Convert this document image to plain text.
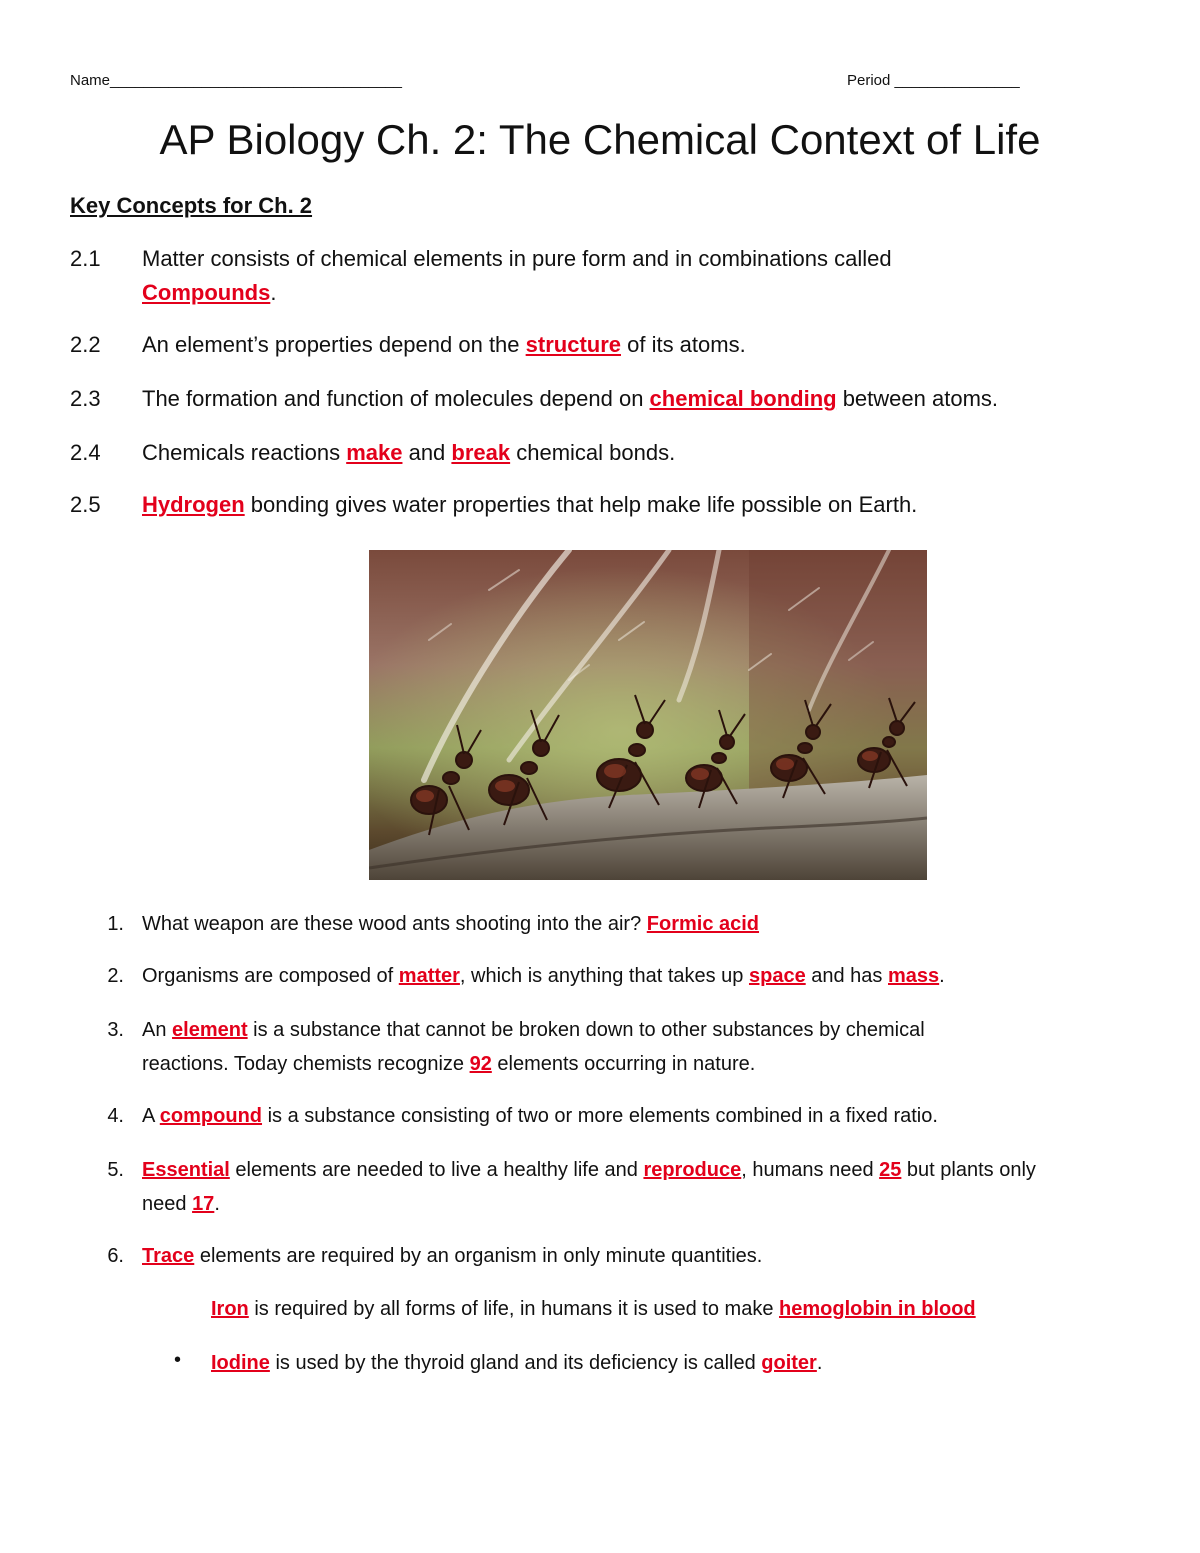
Name___________________________________	Period _______________
AP Biology Ch. 2: The Chemical Context of Life
Key Concepts for Ch. 2
2.1 Matter consists of chemical elements in pure form and in combinations called
Compounds.
2.2 An element’s properties depend on the structure of its atoms.
2.3 The formation and function of molecules depend on chemical bonding between atoms.
2.4 Chemicals reactions make and break chemical bonds.
2.5 Hydrogen bonding gives water properties that help make life possible on Earth.
1. What weapon are these wood ants shooting into the air? Formic acid
2. Organisms are composed of matter, which is anything that takes up space and has mass.
3. An element is a substance that cannot be broken down to other substances by chemical
reactions. Today chemists recognize 92 elements occurring in nature.
4. A compound is a substance consisting of two or more elements combined in a fixed ratio.
5. Essential elements are needed to live a healthy life and reproduce, humans need 25 but plants only
need 17.
6. Trace elements are required by an organism in only minute quantities.
Iron is required by all forms of life, in humans it is used to make hemoglobin in blood
• Iodine is used by the thyroid gland and its deficiency is called goiter.
